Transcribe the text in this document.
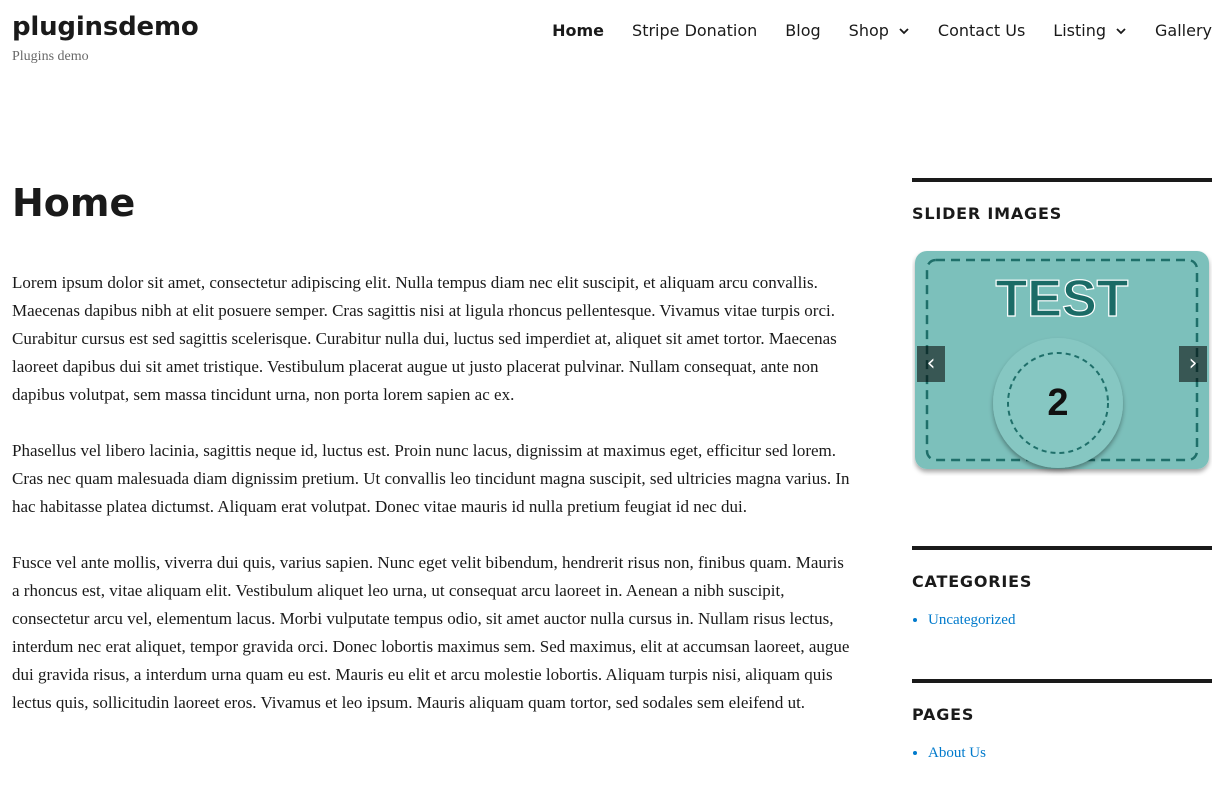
pluginsdemo
Plugins demo
Home Stripe Donation Blog Shop	Contact Us Listing	Gallery
Home

Lorem ipsum dolor sit amet, consectetur adipiscing elit. Nulla tempus diam nec elit suscipit, et aliquam arcu convallis. Maecenas dapibus nibh at elit posuere semper. Cras sagittis nisi at ligula rhoncus pellentesque. Vivamus vitae turpis orci. Curabitur cursus est sed sagittis scelerisque. Curabitur nulla dui, luctus sed imperdiet at, aliquet sit amet tortor. Maecenas laoreet dapibus dui sit amet tristique. Vestibulum placerat augue ut justo placerat pulvinar. Nullam consequat, ante non dapibus volutpat, sem massa tincidunt urna, non porta lorem sapien ac ex.

Phasellus vel libero lacinia, sagittis neque id, luctus est. Proin nunc lacus, dignissim at maximus eget, efficitur sed lorem. Cras nec quam malesuada diam dignissim pretium. Ut convallis leo tincidunt magna suscipit, sed ultricies magna varius. In hac habitasse platea dictumst. Aliquam erat volutpat. Donec vitae mauris id nulla pretium feugiat id nec dui.

Fusce vel ante mollis, viverra dui quis, varius sapien. Nunc eget velit bibendum, hendrerit risus non, finibus quam. Mauris a rhoncus est, vitae aliquam elit. Vestibulum aliquet leo urna, ut consequat arcu laoreet in. Aenean a nibh suscipit, consectetur arcu vel, elementum lacus. Morbi vulputate tempus odio, sit amet auctor nulla cursus in. Nullam risus lectus, interdum nec erat aliquet, tempor gravida orci. Donec lobortis maximus sem. Sed maximus, elit at accumsan laoreet, augue dui gravida risus, a interdum urna quam eu est. Mauris eu elit et arcu molestie lobortis. Aliquam turpis nisi, aliquam quis lectus quis, sollicitudin laoreet eros. Vivamus et leo ipsum. Mauris aliquam quam tortor, sed sodales sem eleifend ut.

SLIDER IMAGES
TEST
2
‹	›
CATEGORIES
• Uncategorized
PAGES
• About Us
